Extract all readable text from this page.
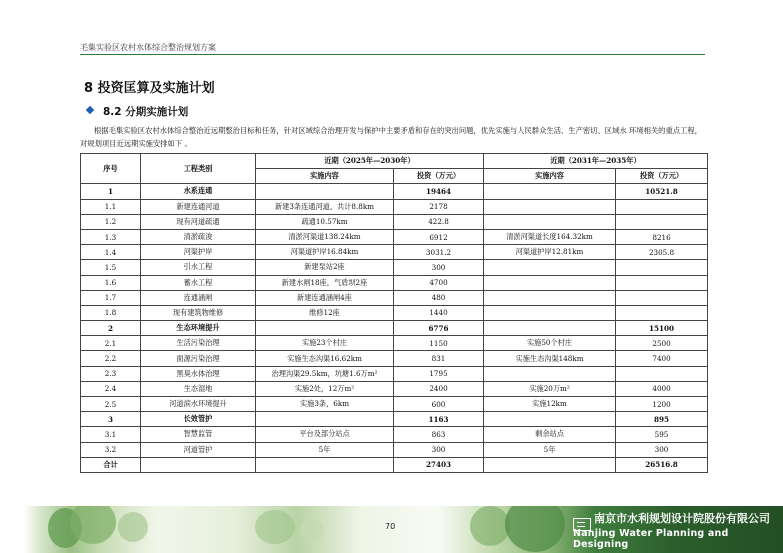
毛集实验区农村水体综合整治规划方案
8 投资匡算及实施计划
8.2 分期实施计划
根据毛集实验区农村水体综合整治近远期整治目标和任务，针对区域综合治理开发与保护中主要矛盾和存在的突出问题，优先实施与人民群众生活、生产密切、区域水 环境相关的重点工程，对规划项目近远期实施安排如下 。
序号	工程类别	近期（2025年—2030年）		近期（2031年—2035年）	
		实施内容	投资（万元）	实施内容	投资（万元）
1	水系连通		19464		10521.8
1.1	新建连通河道	新建3条连通河道，共计8.8km	2178		
1.2	现有河道疏通	疏通10.57km	422.8		
1.3	清淤疏浚	清淤河渠道138.24km	6912	清淤河渠道长度164.32km	8216
1.4	河渠护岸	河渠道护岸16.84km	3031.2	河渠道护岸12.81km	2305.8
1.5	引水工程	新建泵站2座	300		
1.6	蓄水工程	新建水闸18座，气盾坝2座	4700		
1.7	连通涵闸	新建连通涵闸4座	480		
1.8	现有建筑物维修	维修12座	1440		
2	生态环境提升		6776		15100
2.1	生活污染治理	实施23个村庄	1150	实施50个村庄	2500
2.2	面源污染治理	实施生态沟渠16.62km	831	实施生态沟渠148km	7400
2.3	黑臭水体治理	治理沟渠29.5km，坑塘1.6万m²	1795		
2.4	生态湿地	实施2处，12万m²	2400	实施20万m²	4000
2.5	河道滨水环境提升	实施3条，6km	600	实施12km	1200
3	长效管护		1163		895
3.1	智慧监管	平台及部分站点	863	剩余站点	595
3.2	河道管护	5年	300	5年	300
合计			27403		26516.8
70
南京市水利规划设计院股份有限公司
Nanjing Water Planning and Designing
